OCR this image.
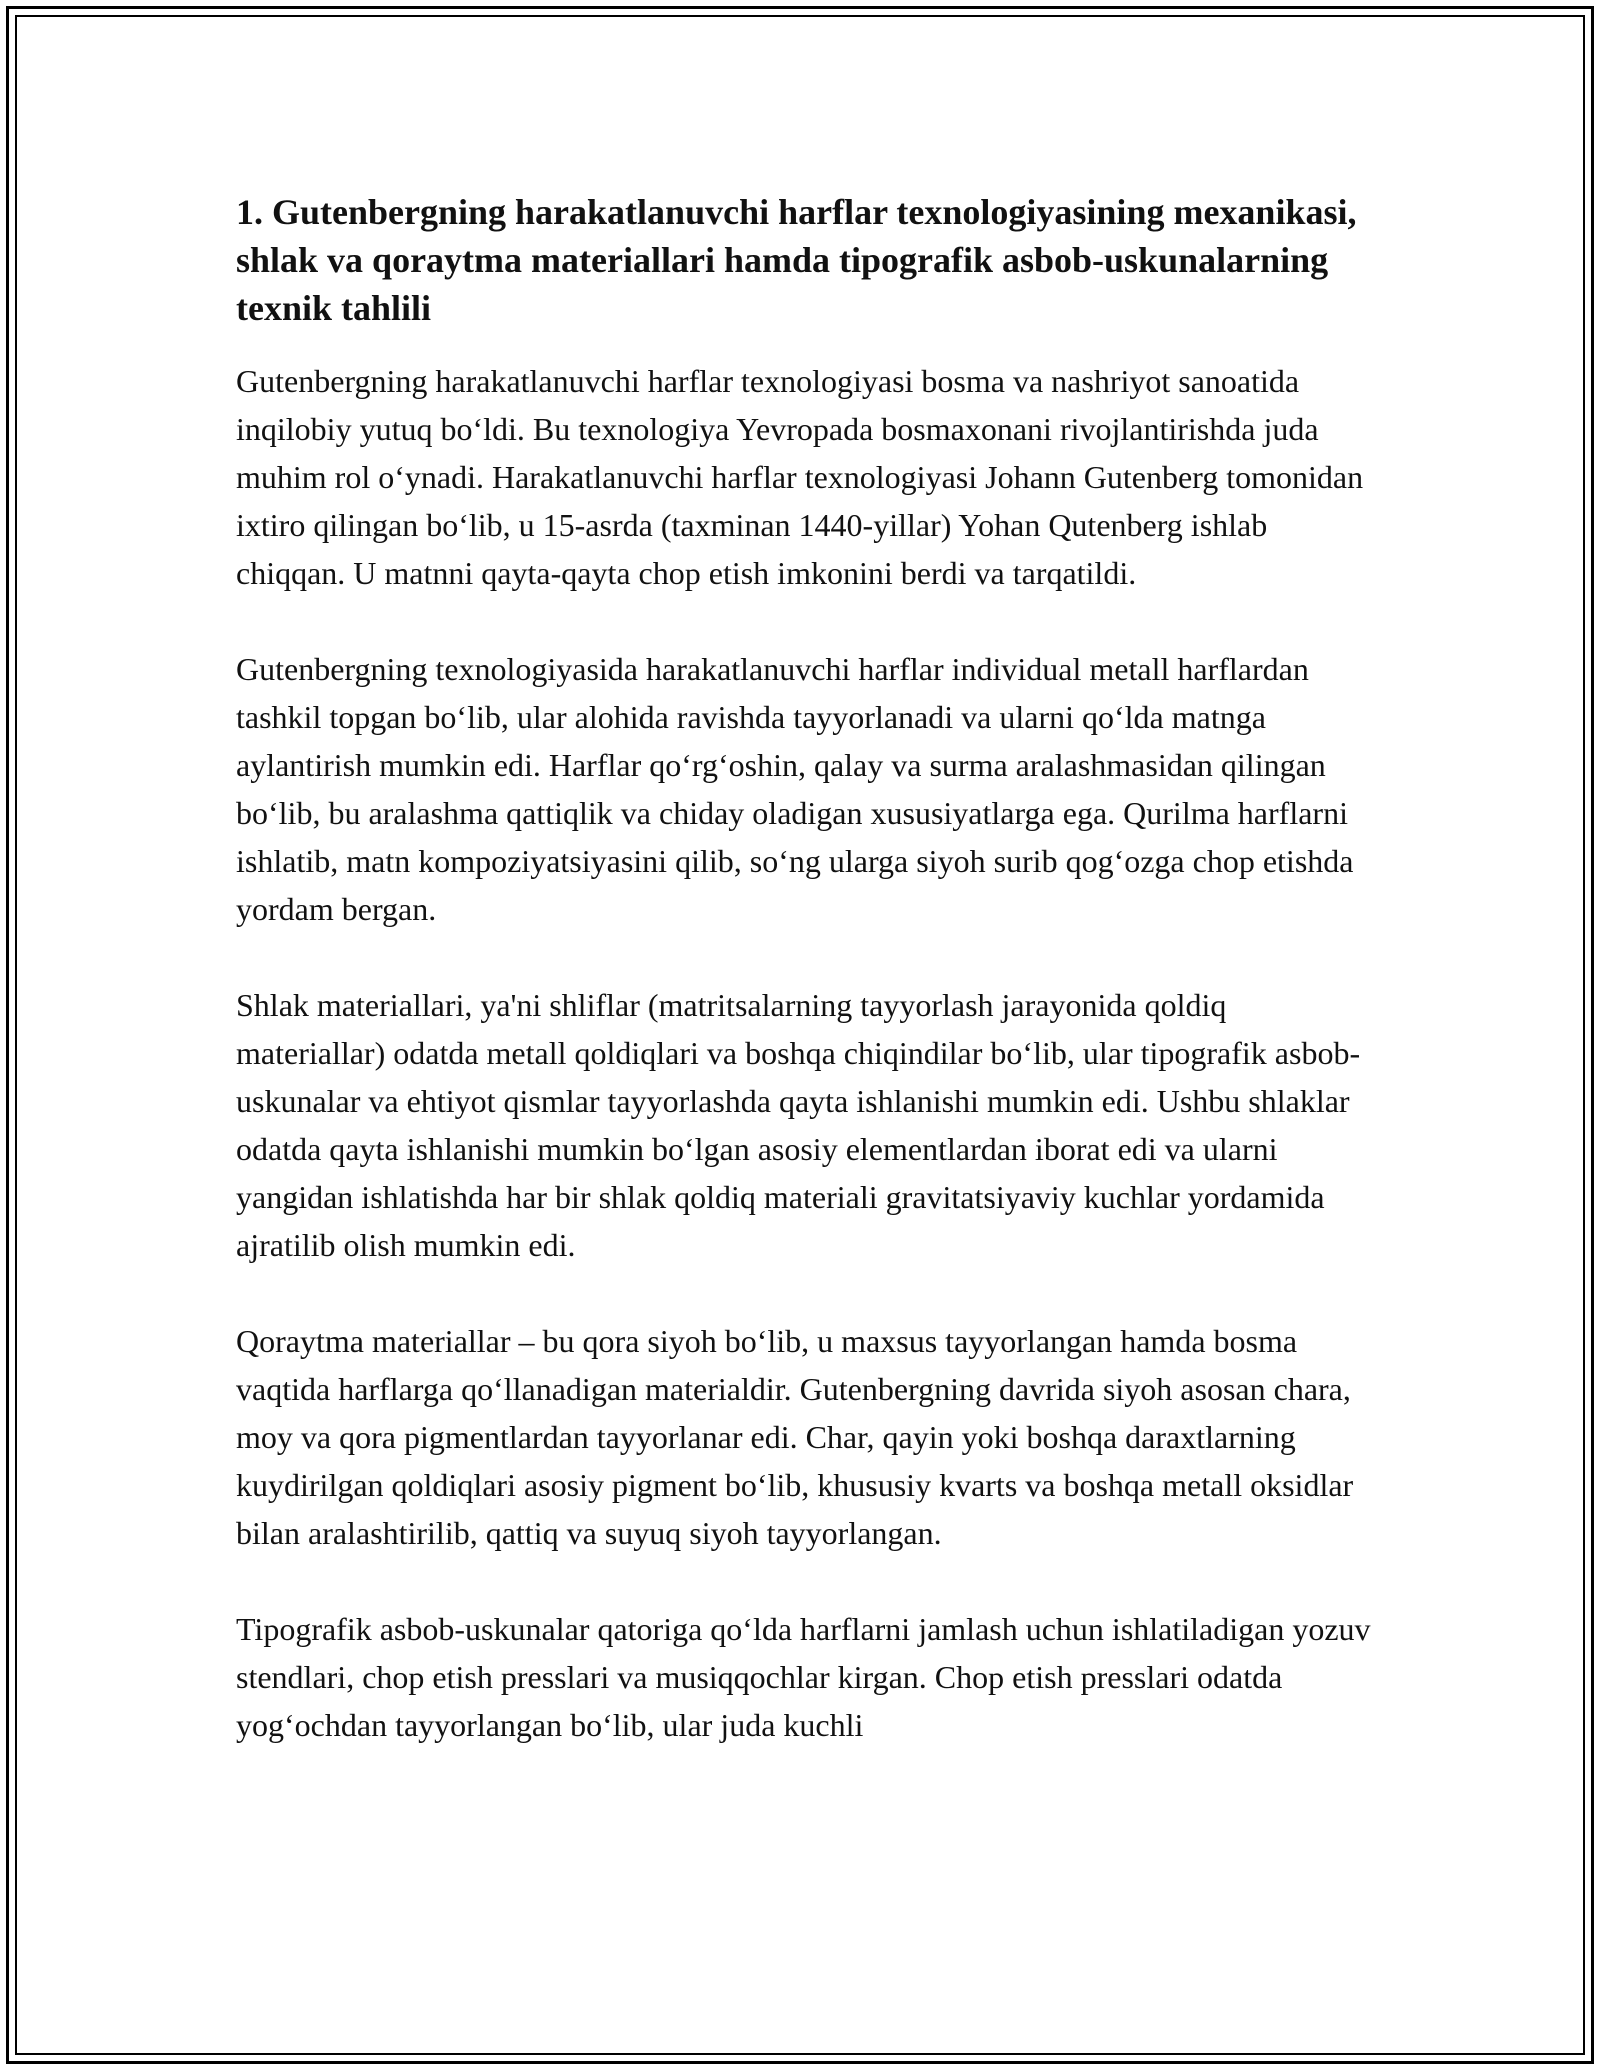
1. Gutenbergning harakatlanuvchi harflar texnologiyasining mexanikasi, shlak va qoraytma materiallari hamda tipografik asbob-uskunalarning texnik tahlili

Gutenbergning harakatlanuvchi harflar texnologiyasi bosma va nashriyot sanoatida inqilobiy yutuq bo‘ldi. Bu texnologiya Yevropada bosmaxonani rivojlantirishda juda muhim rol o‘ynadi. Harakatlanuvchi harflar texnologiyasi Johann Gutenberg tomonidan ixtiro qilingan bo‘lib, u 15-asrda (taxminan 1440-yillar) Yohan Qutenberg ishlab chiqqan. U matnni qayta-qayta chop etish imkonini berdi va tarqatildi.

Gutenbergning texnologiyasida harakatlanuvchi harflar individual metall harflardan tashkil topgan bo‘lib, ular alohida ravishda tayyorlanadi va ularni qo‘lda matnga aylantirish mumkin edi. Harflar qo‘rg‘oshin, qalay va surma aralashmasidan qilingan bo‘lib, bu aralashma qattiqlik va chiday oladigan xususiyatlarga ega. Qurilma harflarni ishlatib, matn kompoziyatsiyasini qilib, so‘ng ularga siyoh surib qog‘ozga chop etishda yordam bergan.

Shlak materiallari, ya'ni shliflar (matritsalarning tayyorlash jarayonida qoldiq materiallar) odatda metall qoldiqlari va boshqa chiqindilar bo‘lib, ular tipografik asbob-uskunalar va ehtiyot qismlar tayyorlashda qayta ishlanishi mumkin edi. Ushbu shlaklar odatda qayta ishlanishi mumkin bo‘lgan asosiy elementlardan iborat edi va ularni yangidan ishlatishda har bir shlak qoldiq materiali gravitatsiyaviy kuchlar yordamida ajratilib olish mumkin edi.

Qoraytma materiallar – bu qora siyoh bo‘lib, u maxsus tayyorlangan hamda bosma vaqtida harflarga qo‘llanadigan materialdir. Gutenbergning davrida siyoh asosan chara, moy va qora pigmentlardan tayyorlanar edi. Char, qayin yoki boshqa daraxtlarning kuydirilgan qoldiqlari asosiy pigment bo‘lib, khususiy kvarts va boshqa metall oksidlar bilan aralashtirilib, qattiq va suyuq siyoh tayyorlangan.

Tipografik asbob-uskunalar qatoriga qo‘lda harflarni jamlash uchun ishlatiladigan yozuv stendlari, chop etish presslari va musiqqochlar kirgan. Chop etish presslari odatda yog‘ochdan tayyorlangan bo‘lib, ular juda kuchli
